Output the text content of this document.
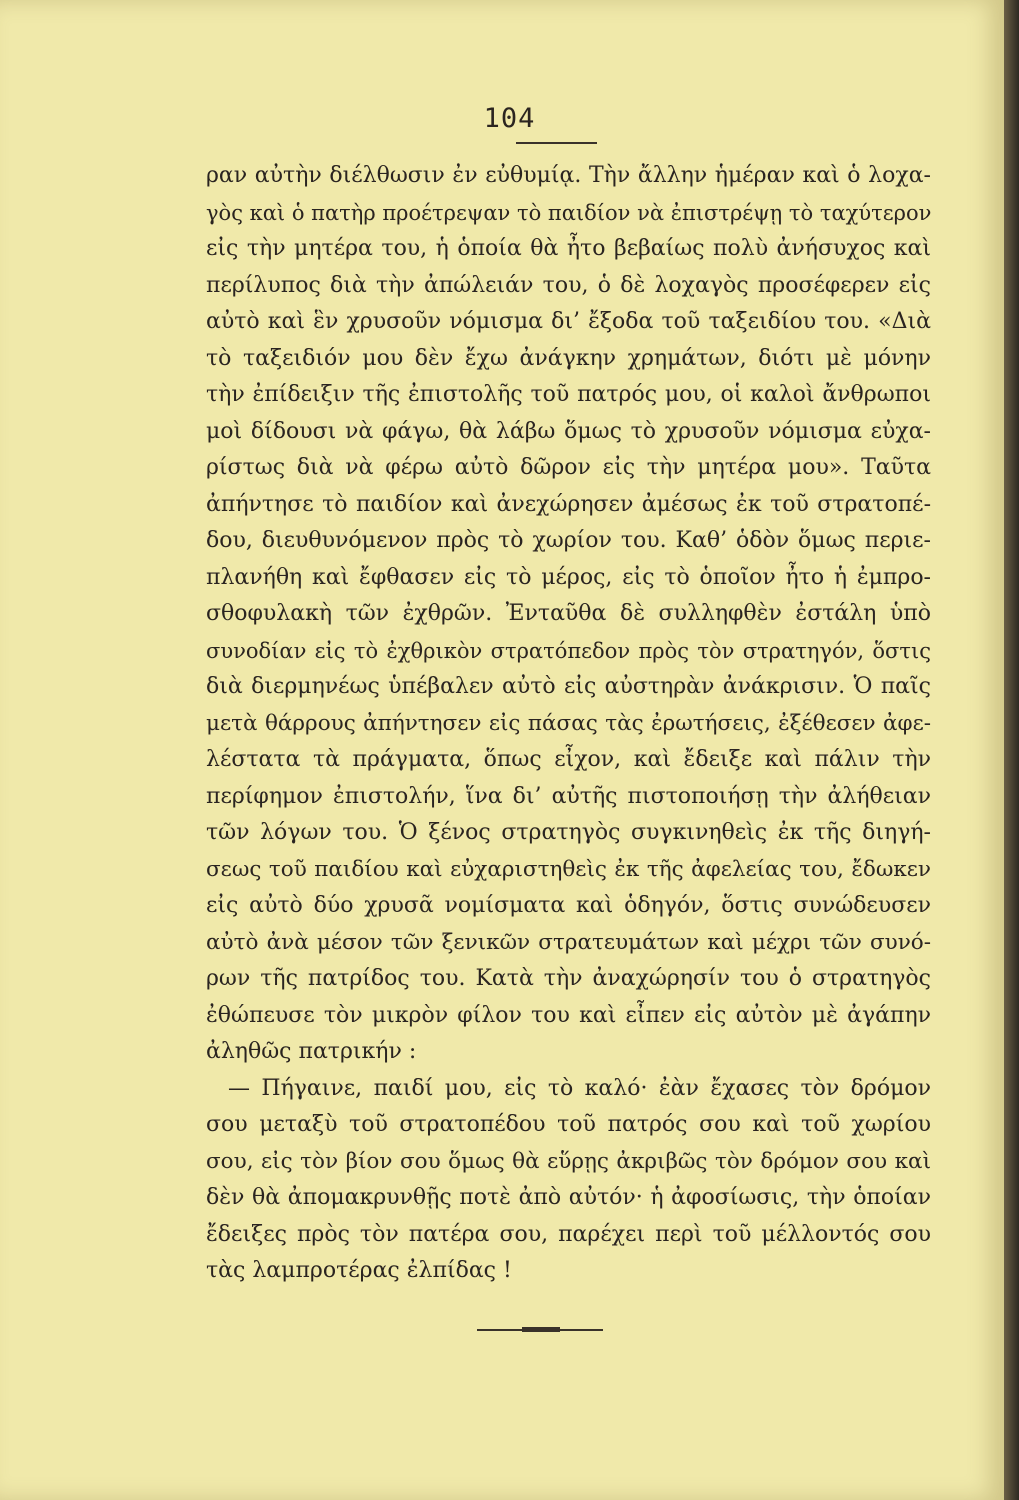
104
ραν αὐτὴν διέλθωσιν ἐν εὐθυμίᾳ. Τὴν ἄλλην ἡμέραν καὶ ὁ λοχα-
γὸς καὶ ὁ πατὴρ προέτρεψαν τὸ παιδίον νὰ ἐπιστρέψῃ τὸ ταχύτερον
εἰς τὴν μητέρα του, ἡ ὁποία θὰ ἦτο βεβαίως πολὺ ἀνήσυχος καὶ
περίλυπος διὰ τὴν ἀπώλειάν του, ὁ δὲ λοχαγὸς προσέφερεν εἰς
αὐτὸ καὶ ἓν χρυσοῦν νόμισμα δι’ ἔξοδα τοῦ ταξειδίου του. «Διὰ
τὸ ταξειδιόν μου δὲν ἔχω ἀνάγκην χρημάτων, διότι μὲ μόνην
τὴν ἐπίδειξιν τῆς ἐπιστολῆς τοῦ πατρός μου, οἱ καλοὶ ἄνθρωποι
μοὶ δίδουσι νὰ φάγω, θὰ λάβω ὅμως τὸ χρυσοῦν νόμισμα εὐχα-
ρίστως διὰ νὰ φέρω αὐτὸ δῶρον εἰς τὴν μητέρα μου». Ταῦτα
ἀπήντησε τὸ παιδίον καὶ ἀνεχώρησεν ἀμέσως ἐκ τοῦ στρατοπέ-
δου, διευθυνόμενον πρὸς τὸ χωρίον του. Καθ’ ὁδὸν ὅμως περιε-
πλανήθη καὶ ἔφθασεν εἰς τὸ μέρος, εἰς τὸ ὁποῖον ἦτο ἡ ἐμπρο-
σθοφυλακὴ τῶν ἐχθρῶν. Ἐνταῦθα δὲ συλληφθὲν ἐστάλη ὑπὸ
συνοδίαν εἰς τὸ ἐχθρικὸν στρατόπεδον πρὸς τὸν στρατηγόν, ὅστις
διὰ διερμηνέως ὑπέβαλεν αὐτὸ εἰς αὐστηρὰν ἀνάκρισιν. Ὁ παῖς
μετὰ θάρρους ἀπήντησεν εἰς πάσας τὰς ἐρωτήσεις, ἐξέθεσεν ἀφε-
λέστατα τὰ πράγματα, ὅπως εἶχον, καὶ ἔδειξε καὶ πάλιν τὴν
περίφημον ἐπιστολήν, ἵνα δι’ αὐτῆς πιστοποιήσῃ τὴν ἀλήθειαν
τῶν λόγων του. Ὁ ξένος στρατηγὸς συγκινηθεὶς ἐκ τῆς διηγή-
σεως τοῦ παιδίου καὶ εὐχαριστηθεὶς ἐκ τῆς ἀφελείας του, ἔδωκεν
εἰς αὐτὸ δύο χρυσᾶ νομίσματα καὶ ὁδηγόν, ὅστις συνώδευσεν
αὐτὸ ἀνὰ μέσον τῶν ξενικῶν στρατευμάτων καὶ μέχρι τῶν συνό-
ρων τῆς πατρίδος του. Κατὰ τὴν ἀναχώρησίν του ὁ στρατηγὸς
ἐθώπευσε τὸν μικρὸν φίλον του καὶ εἶπεν εἰς αὐτὸν μὲ ἀγάπην
ἀληθῶς πατρικήν :
— Πήγαινε, παιδί μου, εἰς τὸ καλό· ἐὰν ἔχασες τὸν δρόμον
σου μεταξὺ τοῦ στρατοπέδου τοῦ πατρός σου καὶ τοῦ χωρίου
σου, εἰς τὸν βίον σου ὅμως θὰ εὕρῃς ἀκριβῶς τὸν δρόμον σου καὶ
δὲν θὰ ἀπομακρυνθῇς ποτὲ ἀπὸ αὐτόν· ἡ ἀφοσίωσις, τὴν ὁποίαν
ἔδειξες πρὸς τὸν πατέρα σου, παρέχει περὶ τοῦ μέλλοντός σου
τὰς λαμπροτέρας ἐλπίδας !
